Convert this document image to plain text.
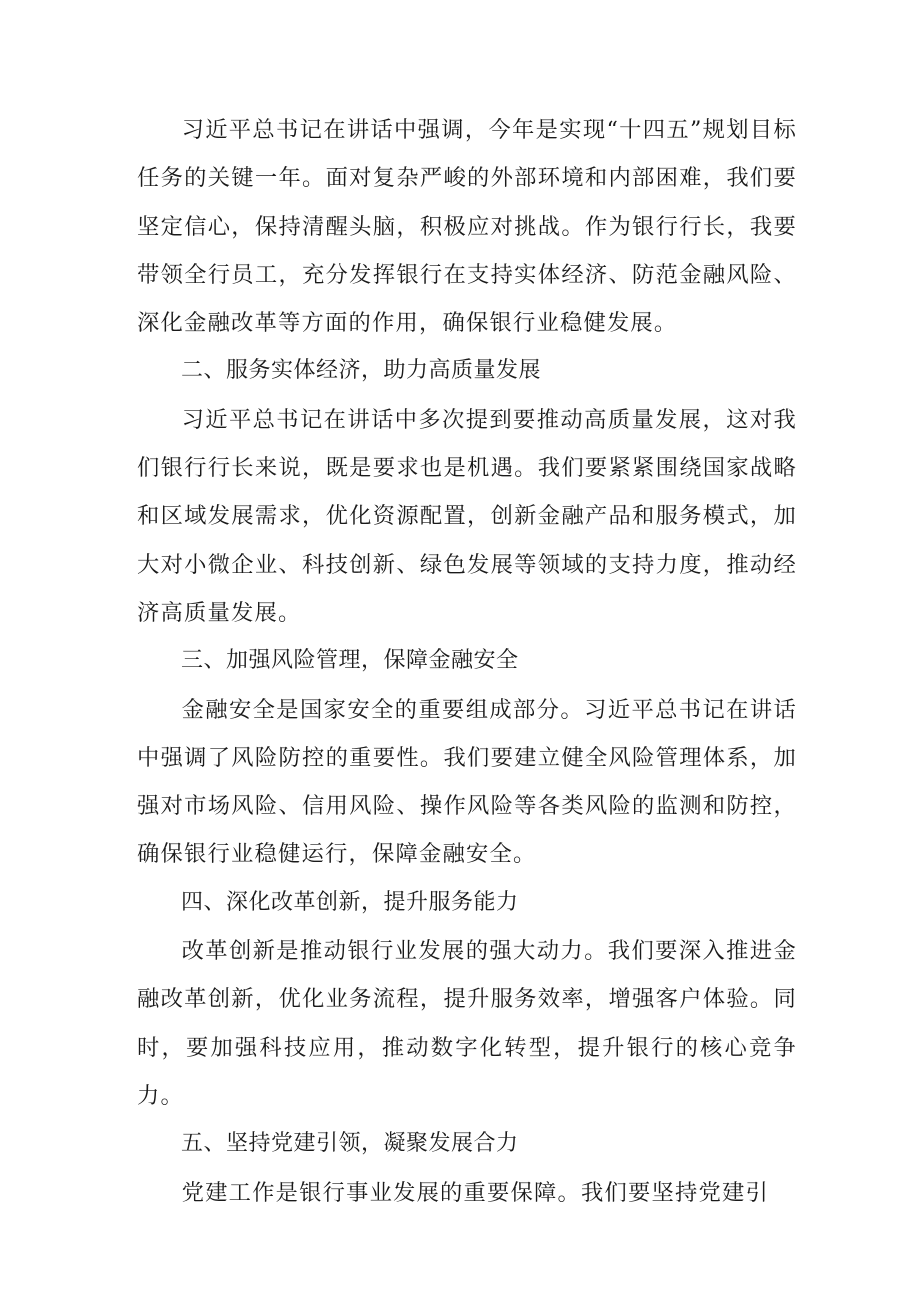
习近平总书记在讲话中强调，今年是实现“十四五”规划目标任务的关键一年。面对复杂严峻的外部环境和内部困难，我们要坚定信心，保持清醒头脑，积极应对挑战。作为银行行长，我要带领全行员工，充分发挥银行在支持实体经济、防范金融风险、深化金融改革等方面的作用，确保银行业稳健发展。

二、服务实体经济，助力高质量发展

习近平总书记在讲话中多次提到要推动高质量发展，这对我们银行行长来说，既是要求也是机遇。我们要紧紧围绕国家战略和区域发展需求，优化资源配置，创新金融产品和服务模式，加大对小微企业、科技创新、绿色发展等领域的支持力度，推动经济高质量发展。

三、加强风险管理，保障金融安全

金融安全是国家安全的重要组成部分。习近平总书记在讲话中强调了风险防控的重要性。我们要建立健全风险管理体系，加强对市场风险、信用风险、操作风险等各类风险的监测和防控，确保银行业稳健运行，保障金融安全。

四、深化改革创新，提升服务能力

改革创新是推动银行业发展的强大动力。我们要深入推进金融改革创新，优化业务流程，提升服务效率，增强客户体验。同时，要加强科技应用，推动数字化转型，提升银行的核心竞争力。

五、坚持党建引领，凝聚发展合力

党建工作是银行事业发展的重要保障。我们要坚持党建引
